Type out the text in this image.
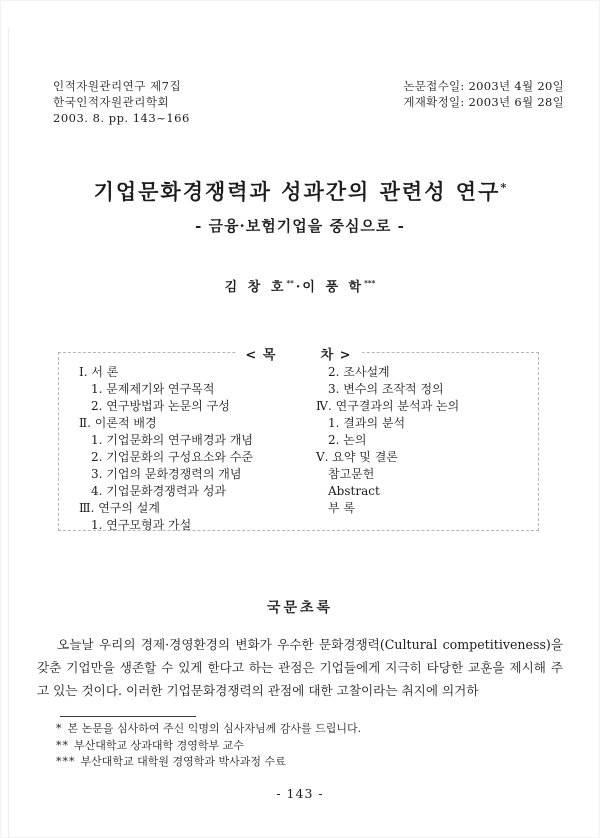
인적자원관리연구 제7집
한국인적자원관리학회
2003. 8. pp. 143~166
논문접수일: 2003년 4월 20일
게재확정일: 2003년 6월 28일
기업문화경쟁력과 성과간의 관련성 연구*
- 금융·보험기업을 중심으로 -
김 창 호** · 이 풍 학***
< 목        차 >
Ⅰ. 서 론
1. 문제제기와 연구목적
2. 연구방법과 논문의 구성
Ⅱ. 이론적 배경
1. 기업문화의 연구배경과 개념
2. 기업문화의 구성요소와 수준
3. 기업의 문화경쟁력의 개념
4. 기업문화경쟁력과 성과
Ⅲ. 연구의 설계
1. 연구모형과 가설
2. 조사설계
3. 변수의 조작적 정의
Ⅳ. 연구결과의 분석과 논의
1. 결과의 분석
2. 논의
Ⅴ. 요약 및 결론
참고문헌
Abstract
부 록
국문초록
오늘날 우리의 경제·경영환경의 변화가 우수한 문화경쟁력(Cultural competitiveness)을 갖춘 기업만을 생존할 수 있게 한다고 하는 관점은 기업들에게 지극히 타당한 교훈을 제시해 주고 있는 것이다. 이러한 기업문화경쟁력의 관점에 대한 고찰이라는 취지에 의거하
* 본 논문을 심사하여 주신 익명의 심사자님께 감사를 드립니다.
** 부산대학교 상과대학 경영학부 교수
*** 부산대학교 대학원 경영학과 박사과정 수료
- 143 -
